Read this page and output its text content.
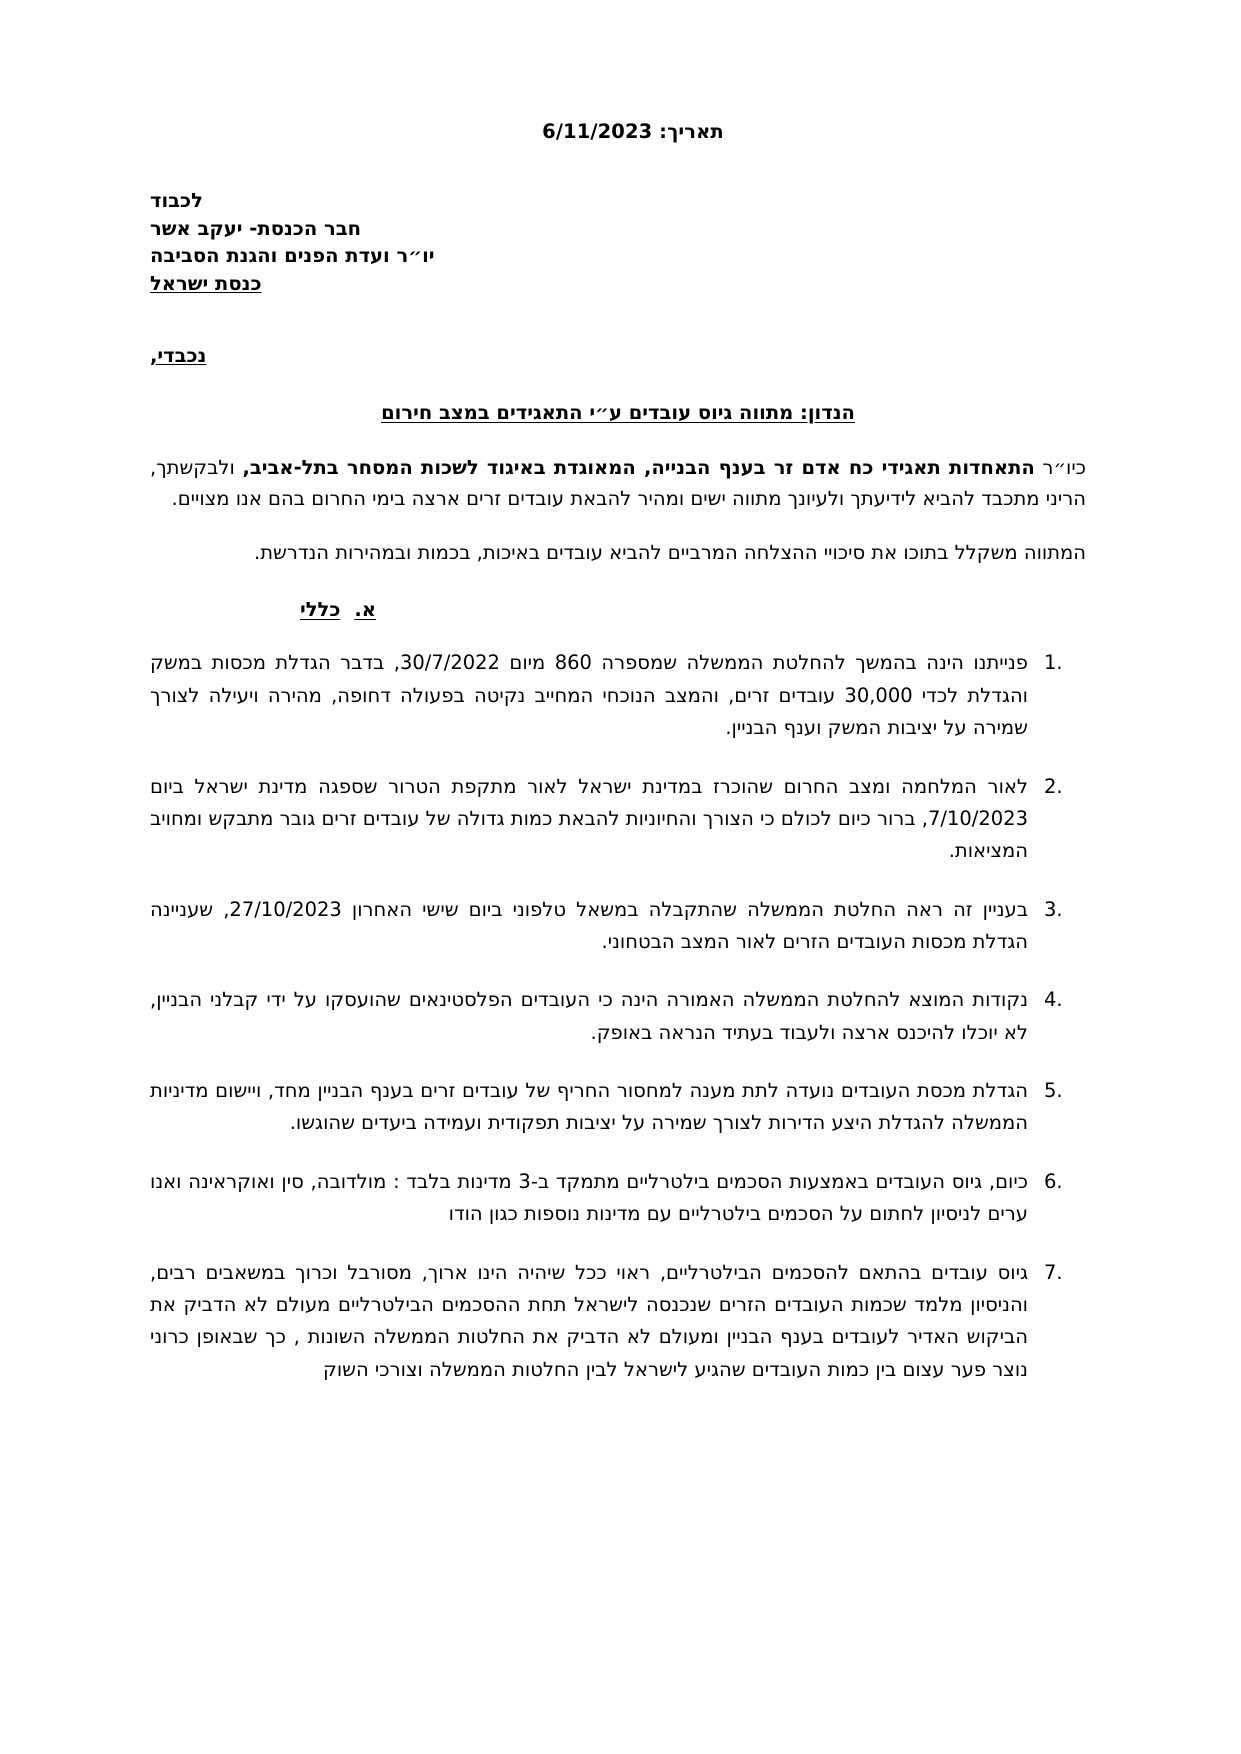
תאריך: 6/11/2023
לכבוד
חבר הכנסת- יעקב אשר
יו״ר ועדת הפנים והגנת הסביבה
כנסת ישראל
נכבדי,
הנדון: מתווה גיוס עובדים ע״י התאגידים במצב חירום

כיו״ר התאחדות תאגידי כח אדם זר בענף הבנייה, המאוגדת באיגוד לשכות המסחר בתל-אביב, ולבקשתך, הריני מתכבד להביא לידיעתך ולעיונך מתווה ישים ומהיר להבאת עובדים זרים ארצה בימי החרום בהם אנו מצויים.

המתווה משקלל בתוכו את סיכויי ההצלחה המרביים להביא עובדים באיכות, בכמות ובמהירות הנדרשת.

א.כללי
1.
פנייתנו הינה בהמשך להחלטת הממשלה שמספרה 860 מיום 30/7/2022, בדבר הגדלת מכסות במשק והגדלת לכדי 30,000 עובדים זרים, והמצב הנוכחי המחייב נקיטה בפעולה דחופה, מהירה ויעילה לצורך שמירה על יציבות המשק וענף הבניין.
2.
לאור המלחמה ומצב החרום שהוכרז במדינת ישראל לאור מתקפת הטרור שספגה מדינת ישראל ביום 7/10/2023, ברור כיום לכולם כי הצורך והחיוניות להבאת כמות גדולה של עובדים זרים גובר מתבקש ומחויב המציאות.
3.
בעניין זה ראה החלטת הממשלה שהתקבלה במשאל טלפוני ביום שישי האחרון 27/10/2023, שעניינה הגדלת מכסות העובדים הזרים לאור המצב הבטחוני.
4.
נקודות המוצא להחלטת הממשלה האמורה הינה כי העובדים הפלסטינאים שהועסקו על ידי קבלני הבניין, לא יוכלו להיכנס ארצה ולעבוד בעתיד הנראה באופק.
5.
הגדלת מכסת העובדים נועדה לתת מענה למחסור החריף של עובדים זרים בענף הבניין מחד, ויישום מדיניות הממשלה להגדלת היצע הדירות לצורך שמירה על יציבות תפקודית ועמידה ביעדים שהוגשו.
6.
כיום, גיוס העובדים באמצעות הסכמים בילטרליים מתמקד ב-3 מדינות בלבד : מולדובה, סין ואוקראינה ואנו ערים לניסיון לחתום על הסכמים בילטרליים עם מדינות נוספות כגון הודו
7.
גיוס עובדים בהתאם להסכמים הבילטרליים, ראוי ככל שיהיה הינו ארוך, מסורבל וכרוך במשאבים רבים, והניסיון מלמד שכמות העובדים הזרים שנכנסה לישראל תחת ההסכמים הבילטרליים מעולם לא הדביק את הביקוש האדיר לעובדים בענף הבניין ומעולם לא הדביק את החלטות הממשלה השונות , כך שבאופן כרוני נוצר פער עצום בין כמות העובדים שהגיע לישראל לבין החלטות הממשלה וצורכי השוק
